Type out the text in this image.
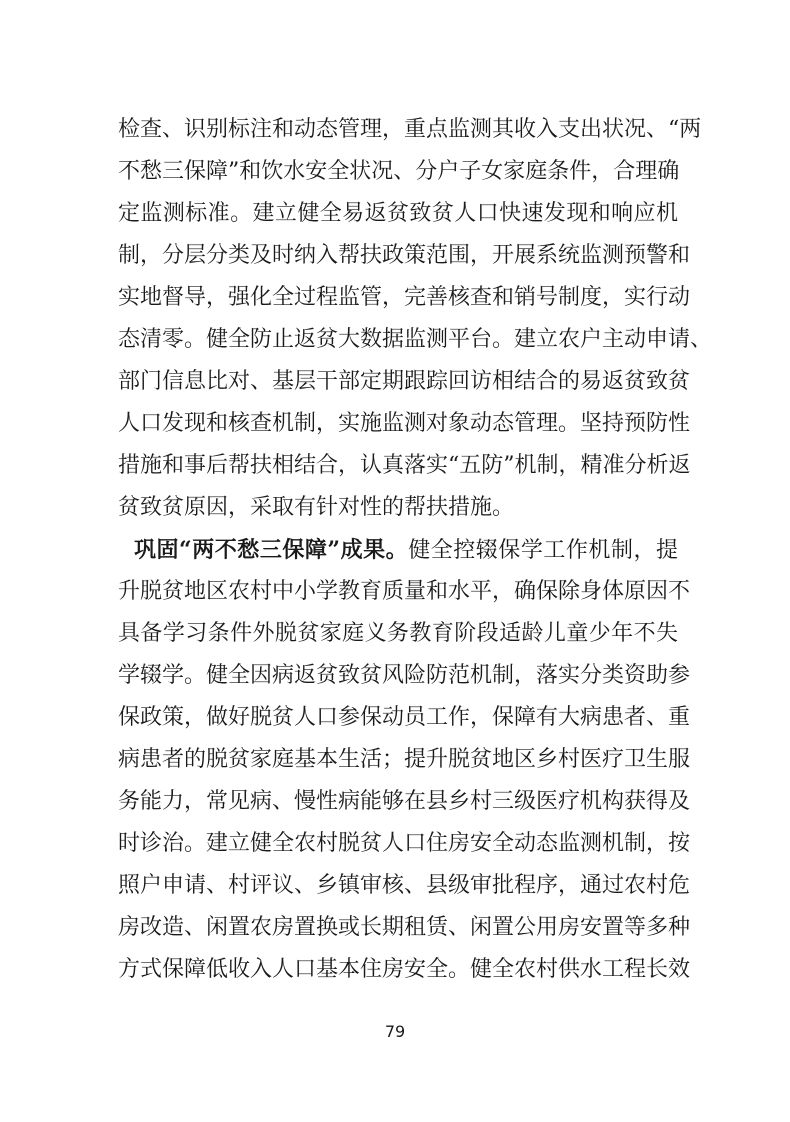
检查、识别标注和动态管理，重点监测其收入支出状况、“两
不愁三保障”和饮水安全状况、分户子女家庭条件，合理确
定监测标准。建立健全易返贫致贫人口快速发现和响应机
制，分层分类及时纳入帮扶政策范围，开展系统监测预警和
实地督导，强化全过程监管，完善核查和销号制度，实行动
态清零。健全防止返贫大数据监测平台。建立农户主动申请、
部门信息比对、基层干部定期跟踪回访相结合的易返贫致贫
人口发现和核查机制，实施监测对象动态管理。坚持预防性
措施和事后帮扶相结合，认真落实“五防”机制，精准分析返
贫致贫原因，采取有针对性的帮扶措施。
巩固“两不愁三保障”成果。健全控辍保学工作机制，提
升脱贫地区农村中小学教育质量和水平，确保除身体原因不
具备学习条件外脱贫家庭义务教育阶段适龄儿童少年不失
学辍学。健全因病返贫致贫风险防范机制，落实分类资助参
保政策，做好脱贫人口参保动员工作，保障有大病患者、重
病患者的脱贫家庭基本生活；提升脱贫地区乡村医疗卫生服
务能力，常见病、慢性病能够在县乡村三级医疗机构获得及
时诊治。建立健全农村脱贫人口住房安全动态监测机制，按
照户申请、村评议、乡镇审核、县级审批程序，通过农村危
房改造、闲置农房置换或长期租赁、闲置公用房安置等多种
方式保障低收入人口基本住房安全。健全农村供水工程长效
79
